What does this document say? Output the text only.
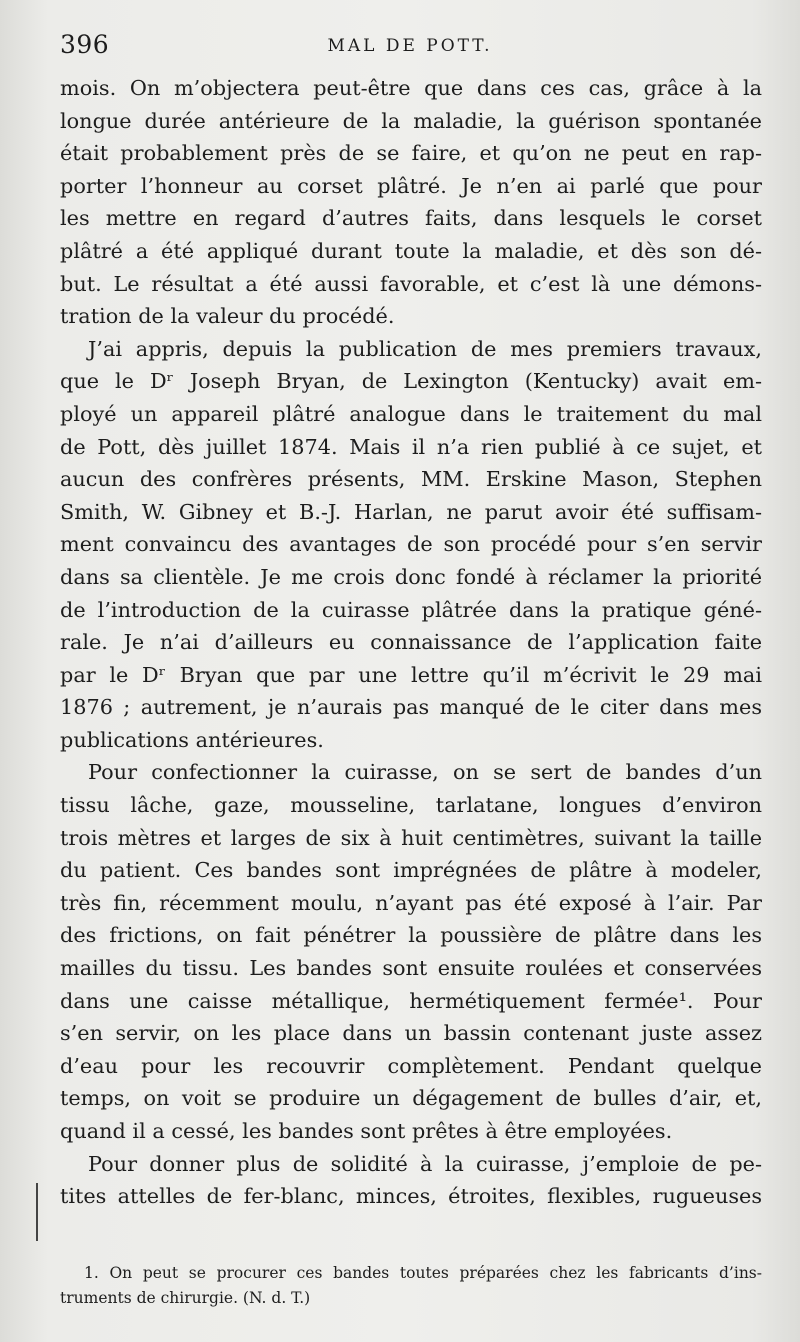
396	MAL DE POTT.
mois. On m’objectera peut-être que dans ces cas, grâce à la
longue durée antérieure de la maladie, la guérison spontanée
était probablement près de se faire, et qu’on ne peut en rap-
porter l’honneur au corset plâtré. Je n’en ai parlé que pour
les mettre en regard d’autres faits, dans lesquels le corset
plâtré a été appliqué durant toute la maladie, et dès son dé-
but. Le résultat a été aussi favorable, et c’est là une démons-
tration de la valeur du procédé.
J’ai appris, depuis la publication de mes premiers travaux,
que le Dʳ Joseph Bryan, de Lexington (Kentucky) avait em-
ployé un appareil plâtré analogue dans le traitement du mal
de Pott, dès juillet 1874. Mais il n’a rien publié à ce sujet, et
aucun des confrères présents, MM. Erskine Mason, Stephen
Smith, W. Gibney et B.-J. Harlan, ne parut avoir été suffisam-
ment convaincu des avantages de son procédé pour s’en servir
dans sa clientèle. Je me crois donc fondé à réclamer la priorité
de l’introduction de la cuirasse plâtrée dans la pratique géné-
rale. Je n’ai d’ailleurs eu connaissance de l’application faite
par le Dʳ Bryan que par une lettre qu’il m’écrivit le 29 mai
1876 ; autrement, je n’aurais pas manqué de le citer dans mes
publications antérieures.
Pour confectionner la cuirasse, on se sert de bandes d’un
tissu lâche, gaze, mousseline, tarlatane, longues d’environ
trois mètres et larges de six à huit centimètres, suivant la taille
du patient. Ces bandes sont imprégnées de plâtre à modeler,
très fin, récemment moulu, n’ayant pas été exposé à l’air. Par
des frictions, on fait pénétrer la poussière de plâtre dans les
mailles du tissu. Les bandes sont ensuite roulées et conservées
dans une caisse métallique, hermétiquement fermée¹. Pour
s’en servir, on les place dans un bassin contenant juste assez
d’eau pour les recouvrir complètement. Pendant quelque
temps, on voit se produire un dégagement de bulles d’air, et,
quand il a cessé, les bandes sont prêtes à être employées.
Pour donner plus de solidité à la cuirasse, j’emploie de pe-
tites attelles de fer-blanc, minces, étroites, flexibles, rugueuses
1. On peut se procurer ces bandes toutes préparées chez les fabricants d’ins-
truments de chirurgie. (N. d. T.)
